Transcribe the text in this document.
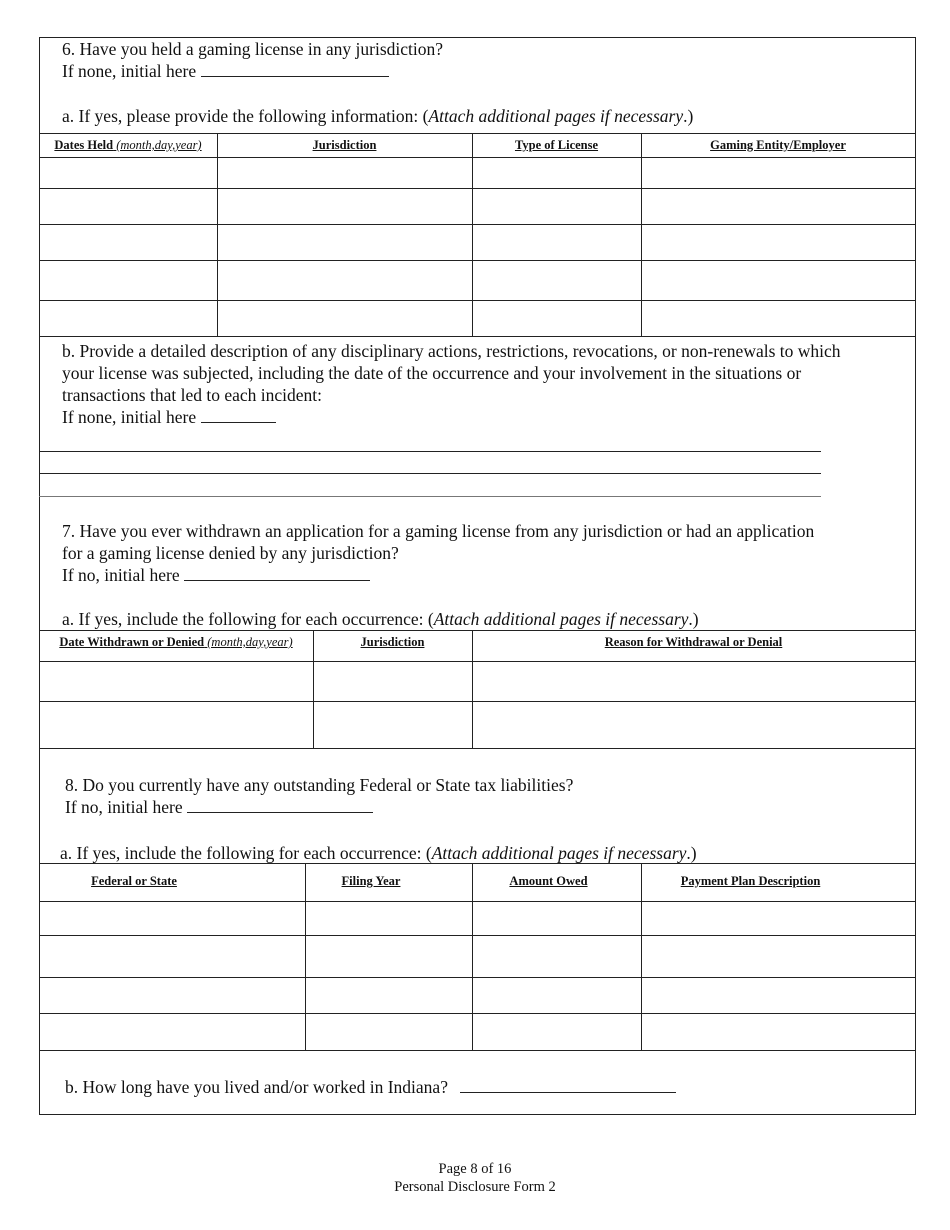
6. Have you held a gaming license in any jurisdiction?

If none, initial here

a. If yes, please provide the following information: (Attach additional pages if necessary.)
Dates Held (month,day,year)	Jurisdiction	Type of License	Gaming Entity/Employer

b. Provide a detailed description of any disciplinary actions, restrictions, revocations, or non-renewals to which

your license was subjected, including the date of the occurrence and your involvement in the situations or

transactions that led to each incident:

If none, initial here

7. Have you ever withdrawn an application for a gaming license from any jurisdiction or had an application

for a gaming license denied by any jurisdiction?

If no, initial here

a. If yes, include the following for each occurrence: (Attach additional pages if necessary.)
Date Withdrawn or Denied (month,day,year)	Jurisdiction	Reason for Withdrawal or Denial

8. Do you currently have any outstanding Federal or State tax liabilities?

If no, initial here

a. If yes, include the following for each occurrence: (Attach additional pages if necessary.)
Federal or State	Filing Year	Amount Owed	Payment Plan Description
b. How long have you lived and/or worked in Indiana?
Page 8 of 16
Personal Disclosure Form 2
